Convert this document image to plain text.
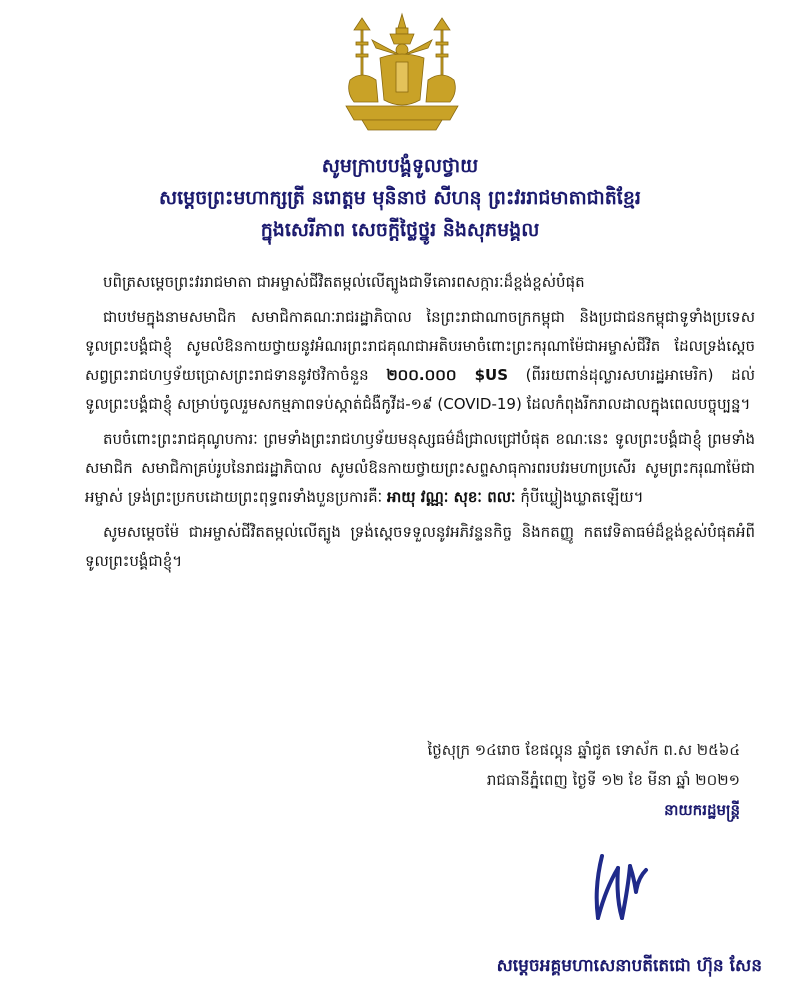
សូមក្រាបបង្គំទូលថ្វាយ
សម្តេចព្រះមហាក្សត្រី នរោត្តម មុនិនាថ សីហនុ ព្រះវររាជមាតាជាតិខ្មែរ
ក្នុងសេរីភាព សេចក្តីថ្លៃថ្នូរ និងសុភមង្គល

បពិត្រសម្តេចព្រះវររាជមាតា ជាអម្ចាស់ជីវិតតម្កល់លើត្បូងជាទីគោរពសក្ការៈដ៏ខ្ពង់ខ្ពស់បំផុត

ជាបឋមក្នុងនាមសមាជិក សមាជិកាគណៈរាជរដ្ឋាភិបាល នៃព្រះរាជាណាចក្រកម្ពុជា និងប្រជាជនកម្ពុជាទូទាំងប្រទេស ទូលព្រះបង្គំជាខ្ញុំ សូមលំឱនកាយថ្វាយនូវអំណរព្រះរាជគុណជាអតិបរមាចំពោះព្រះករុណាម៉ែជាអម្ចាស់ជីវិត ដែលទ្រង់ស្តេចសព្វព្រះរាជហឫទ័យប្រោសព្រះរាជទាននូវថវិកាចំនួន ២០០.០០០ $US (ពីររយពាន់ដុល្លារសហរដ្ឋអាមេរិក) ដល់ទូលព្រះបង្គំជាខ្ញុំ សម្រាប់ចូលរួមសកម្មភាពទប់ស្កាត់ជំងឺកូវីដ-១៩ (COVID-19) ដែលកំពុងរីករាលដាលក្នុងពេលបច្ចុប្បន្ន។

តបចំពោះព្រះរាជគុណូបការៈ ព្រមទាំងព្រះរាជហឫទ័យមនុស្សធម៌ដ៏ជ្រាលជ្រៅបំផុត ខណៈនេះ ទូលព្រះបង្គំជាខ្ញុំ ព្រមទាំងសមាជិក សមាជិកាគ្រប់រូបនៃរាជរដ្ឋាភិបាល សូមលំឱនកាយថ្វាយព្រះសព្ទសាធុការពរបវរមហាប្រសើរ សូមព្រះករុណាម៉ែជាអម្ចាស់ ទ្រង់ព្រះប្រកបដោយព្រះពុទ្ធពរទាំងបួនប្រការគឺៈ អាយុ វណ្ណៈ សុខៈ ពលៈ កុំបីឃ្លៀងឃ្លាតឡើយ។

សូមសម្តេចម៉ែ ជាអម្ចាស់ជីវិតតម្កល់លើត្បូង ទ្រង់ស្តេចទទួលនូវអភិវន្ទនកិច្ច និងកតញ្ញូ កតវេទិតាធម៌ដ៏ខ្ពង់ខ្ពស់បំផុតអំពីទូលព្រះបង្គំជាខ្ញុំ។

ថ្ងៃសុក្រ ១៤រោច ខែផល្គុន ឆ្នាំជូត ទោស័ក ព.ស ២៥៦៤
រាជធានីភ្នំពេញ ថ្ងៃទី ១២ ខែ មីនា ឆ្នាំ ២០២១
នាយករដ្ឋមន្រ្តី
សម្តេចអគ្គមហាសេនាបតីតេជោ ហ៊ុន សែន
